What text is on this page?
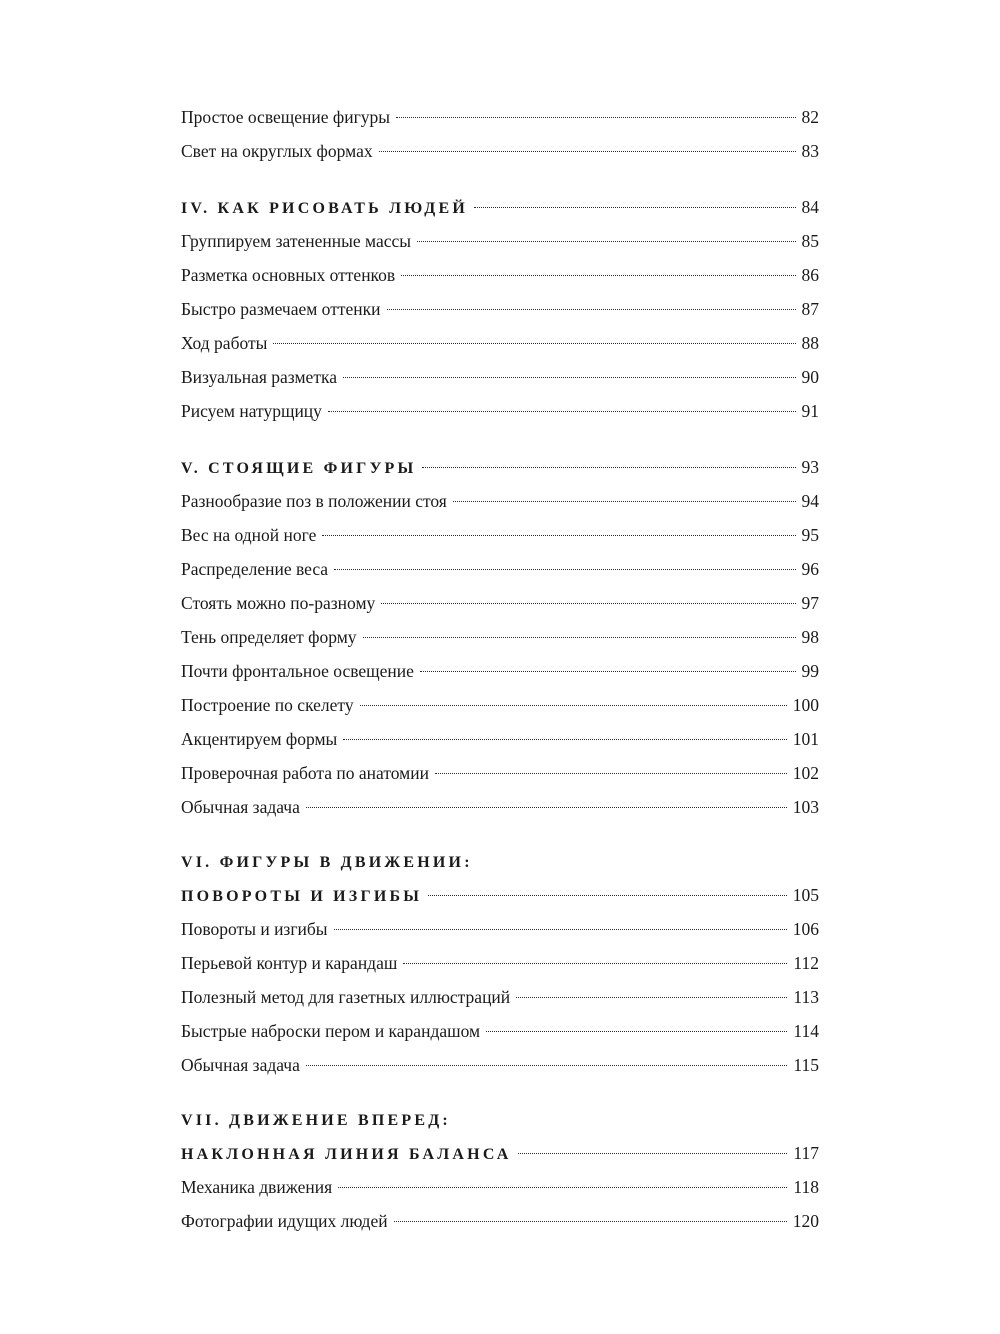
Простое освещение фигуры	82
Свет на округлых формах	83
IV. КАК РИСОВАТЬ ЛЮДЕЙ	84
Группируем затененные массы	85
Разметка основных оттенков	86
Быстро размечаем оттенки	87
Ход работы	88
Визуальная разметка	90
Рисуем натурщицу	91
V. СТОЯЩИЕ ФИГУРЫ	93
Разнообразие поз в положении стоя	94
Вес на одной ноге	95
Распределение веса	96
Стоять можно по-разному	97
Тень определяет форму	98
Почти фронтальное освещение	99
Построение по скелету	100
Акцентируем формы	101
Проверочная работа по анатомии	102
Обычная задача	103
VI. ФИГУРЫ В ДВИЖЕНИИ:
ПОВОРОТЫ И ИЗГИБЫ	105
Повороты и изгибы	106
Перьевой контур и карандаш	112
Полезный метод для газетных иллюстраций	113
Быстрые наброски пером и карандашом	114
Обычная задача	115
VII. ДВИЖЕНИЕ ВПЕРЕД:
НАКЛОННАЯ ЛИНИЯ БАЛАНСА	117
Механика движения	118
Фотографии идущих людей	120
